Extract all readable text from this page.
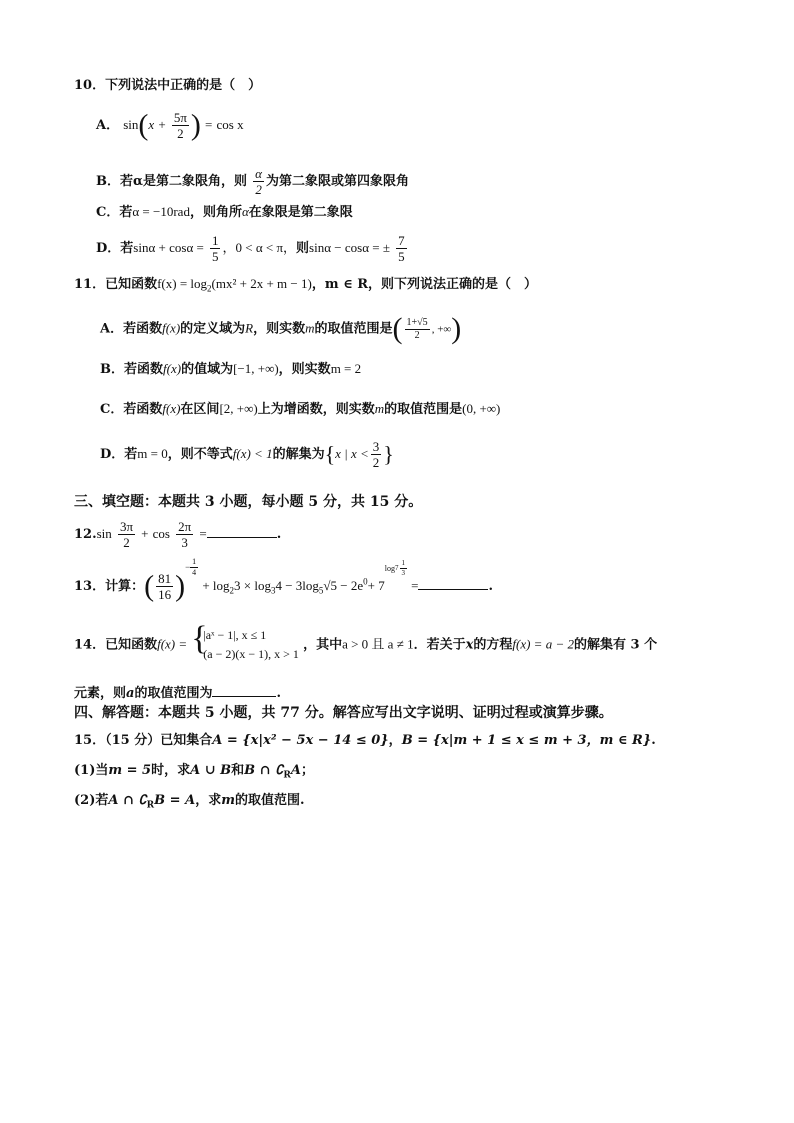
10．下列说法中正确的是（　）
A． $\sin(x + \frac{5\pi}{2}$ ) = cos x
B．若α是第二象限角，则 $\frac{\alpha}{2}$ 为第二象限或第四象限角
C．若α = −10rad，则角所α在象限是第二象限
D．若$\sin\alpha + \cos\alpha = \frac{1}{5}$ ，0 < α < π，则sinα − cosα = ± $\frac{7}{5}$
11．已知函数$f(x) = \log_2(mx^2 + 2x + m - 1)$，m ∈ R，则下列说法正确的是（　）
A．若函数f(x)的定义域为R，则实数m的取值范围是( $\frac{1+√5}{2}$ , +∞)
B．若函数f(x)的值域为[−1, +∞)，则实数m = 2
C．若函数f(x)在区间[2, +∞)上为增函数，则实数m的取值范围是(0, +∞)
D．若m = 0，则不等式f(x) < 1的解集为{x | $x < \frac{3}{2}$ }
三、填空题：本题共 3 小题，每小题 5 分，共 15 分。
$12.\sin \frac{3\pi}{2} + \cos \frac{2\pi}{3}$ =	.
13．计算：( $\frac{81}{16}$ )
− $\frac{1}{4}$
+ $\log_23 \times \log_34 - 3\log_5√5 - 2e^0+ 7$
$\log 7 \frac{1}{3}$
=	.
14．已知函数f(x) = {
|aˣ − 1|, x ≤ 1
(a − 2)(x − 1), x > 1
，其中a > 0 且 a ≠ 1．若关于x的方程f(x) = a − 2的解集有 3 个
元素，则a的取值范围为	.
四、解答题：本题共 5 小题，共 77 分。解答应写出文字说明、证明过程或演算步骤。
15．（15 分）已知集合A = {x|x² − 5x − 14 ≤ 0}，B = {x|m + 1 ≤ x ≤ m + 3，m ∈ R}.
(1)当m = 5时，求A ∪ B和B ∩ $∁_RA$；
(2)若A ∩ $∁_RB = A$，求m的取值范围.
